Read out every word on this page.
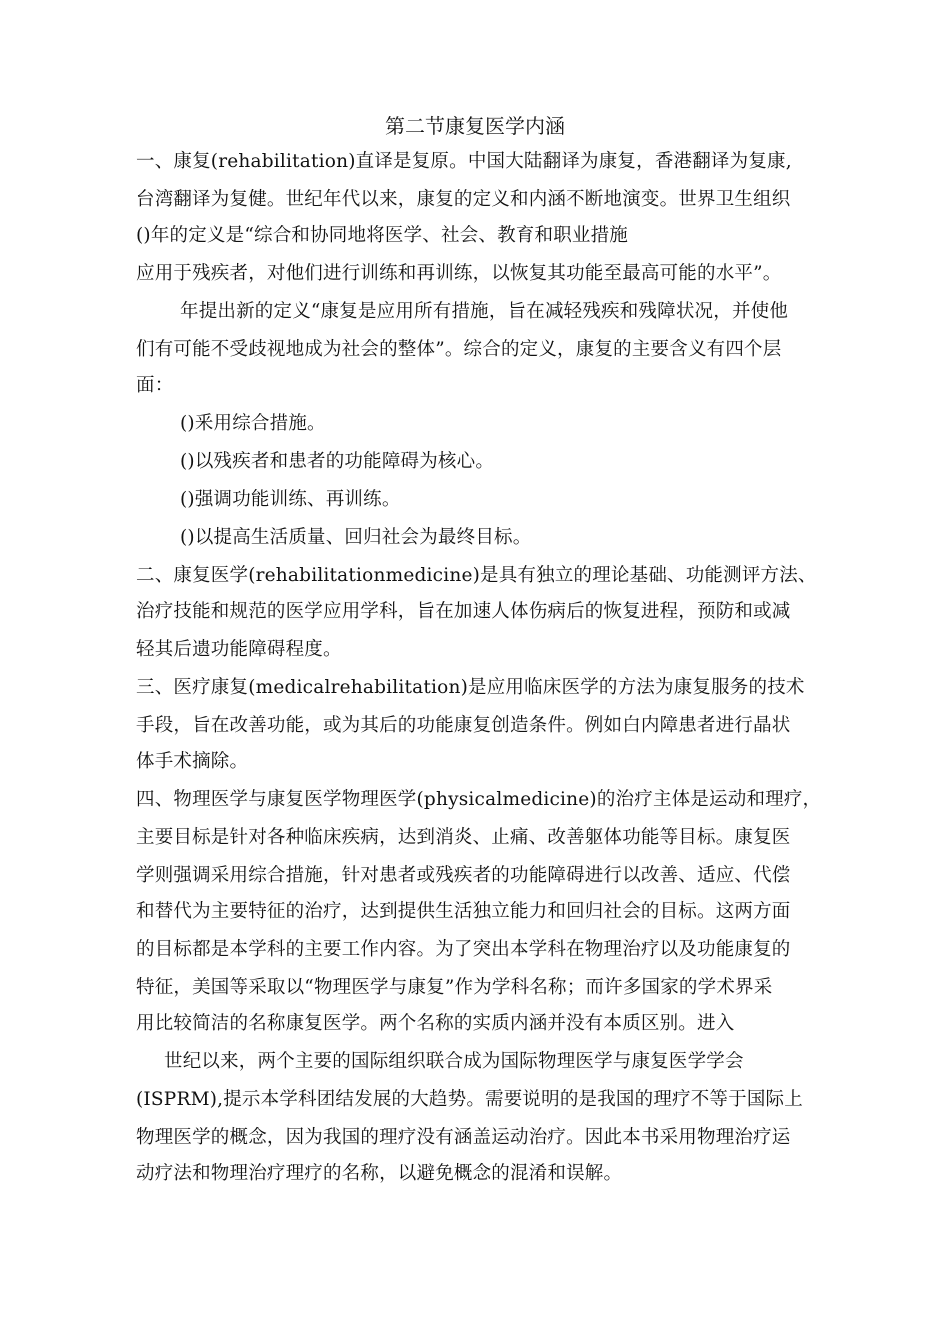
第二节康复医学内涵
一、康复(rehabilitation)直译是复原。中国大陆翻译为康复，香港翻译为复康,
台湾翻译为复健。世纪年代以来，康复的定义和内涵不断地演变。世界卫生组织
()年的定义是“综合和协同地将医学、社会、教育和职业措施
应用于残疾者，对他们进行训练和再训练，以恢复其功能至最高可能的水平”。
年提出新的定义“康复是应用所有措施，旨在减轻残疾和残障状况，并使他
们有可能不受歧视地成为社会的整体”。综合的定义，康复的主要含义有四个层
面：
()釆用综合措施。
()以残疾者和患者的功能障碍为核心。
()强调功能训练、再训练。
()以提高生活质量、回归社会为最终目标。
二、康复医学(rehabilitationmedicine)是具有独立的理论基础、功能测评方法、
治疗技能和规范的医学应用学科，旨在加速人体伤病后的恢复进程，预防和或减
轻其后遗功能障碍程度。
三、医疗康复(medicalrehabilitation)是应用临床医学的方法为康复服务的技术
手段，旨在改善功能，或为其后的功能康复创造条件。例如白内障患者进行晶状
体手术摘除。
四、物理医学与康复医学物理医学(physicalmedicine)的治疗主体是运动和理疗，
主要目标是针对各种临床疾病，达到消炎、止痛、改善躯体功能等目标。康复医
学则强调采用综合措施，针对患者或残疾者的功能障碍进行以改善、适应、代偿
和替代为主要特征的治疗，达到提供生活独立能力和回归社会的目标。这两方面
的目标都是本学科的主要工作内容。为了突出本学科在物理治疗以及功能康复的
特征，美国等采取以“物理医学与康复”作为学科名称；而许多国家的学术界采
用比较简洁的名称康复医学。两个名称的实质内涵并没有本质区别。进入
世纪以来，两个主要的国际组织联合成为国际物理医学与康复医学学会
(ISPRM),提示本学科团结发展的大趋势。需要说明的是我国的理疗不等于国际上
物理医学的概念，因为我国的理疗没有涵盖运动治疗。因此本书采用物理治疗运
动疗法和物理治疗理疗的名称，以避免概念的混淆和误解。
